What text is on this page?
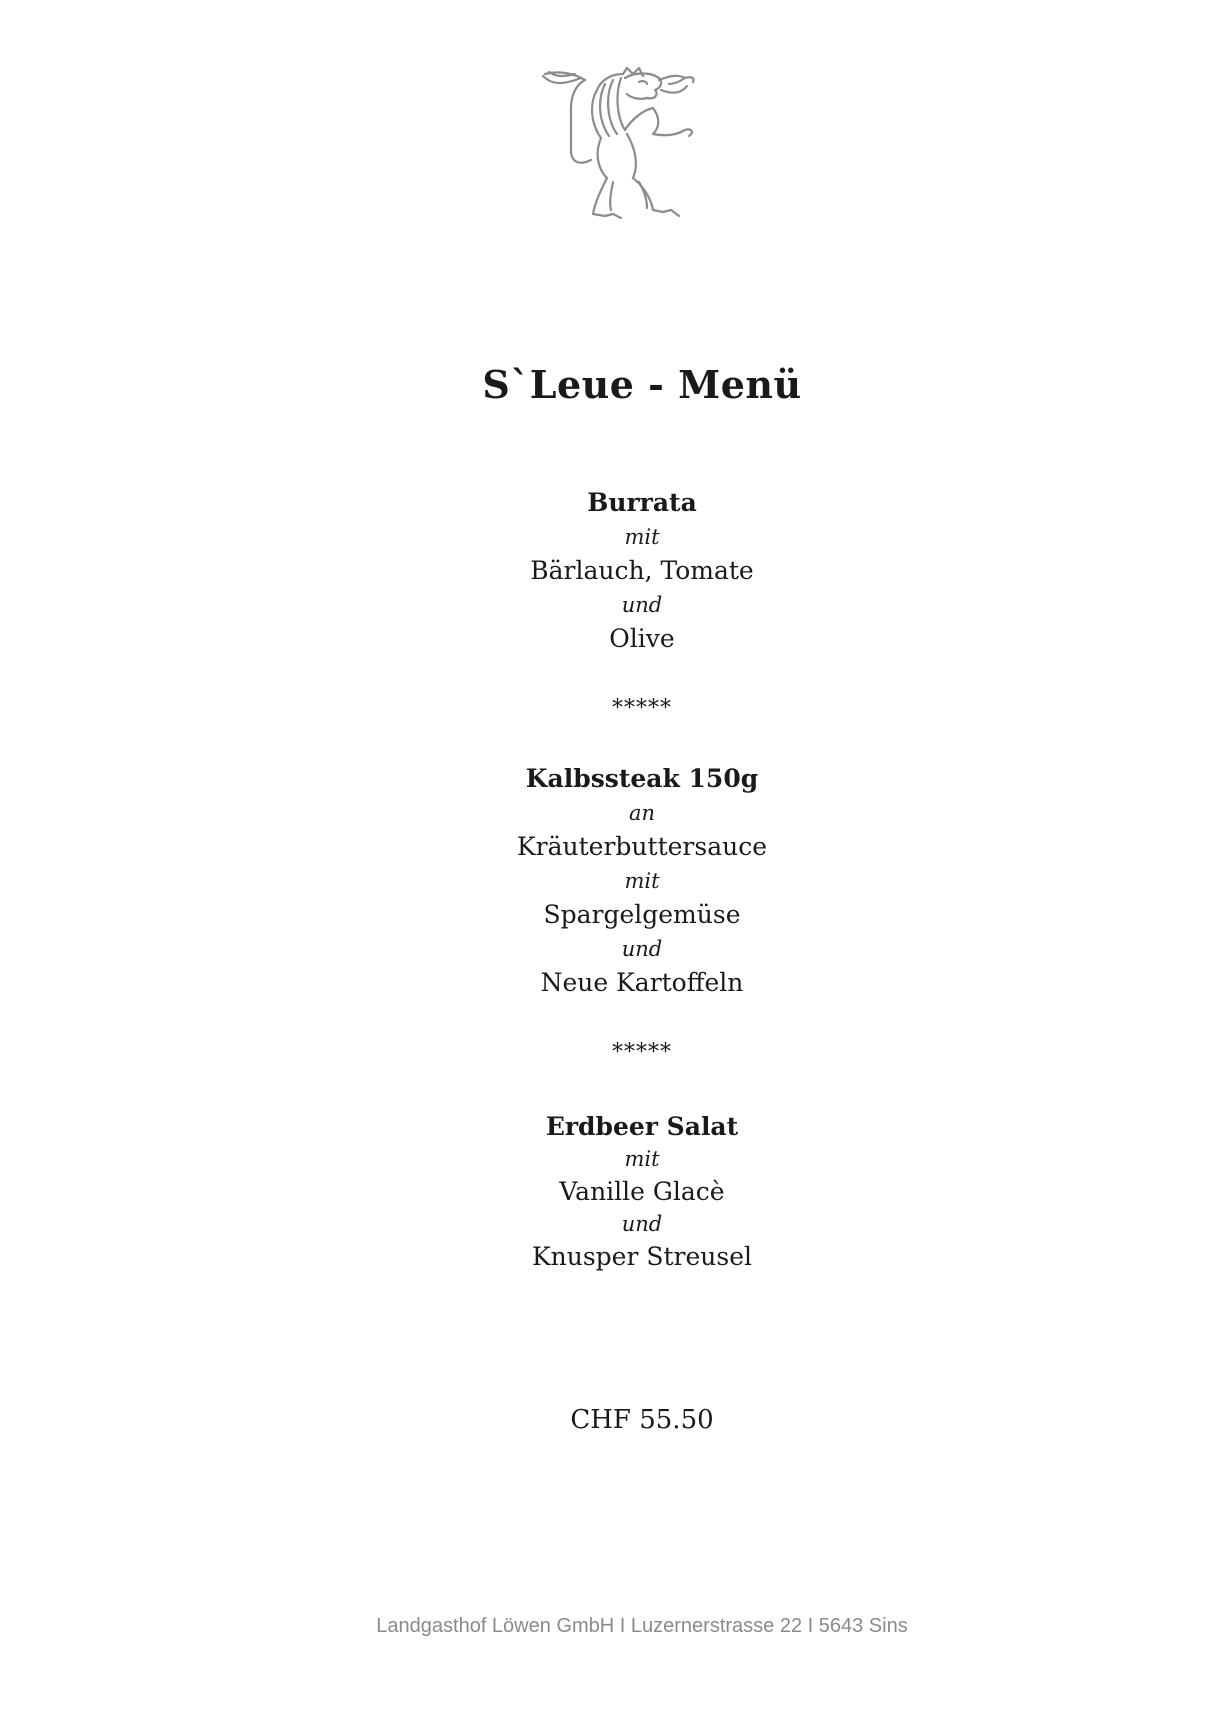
S`Leue - Menü
Burrata
mit
Bärlauch, Tomate
und
Olive
*****
Kalbssteak 150g
an
Kräuterbuttersauce
mit
Spargelgemüse
und
Neue Kartoffeln
*****
Erdbeer Salat
mit
Vanille Glacè
und
Knusper Streusel
CHF 55.50
Landgasthof Löwen GmbH I Luzernerstrasse 22 I 5643 Sins
